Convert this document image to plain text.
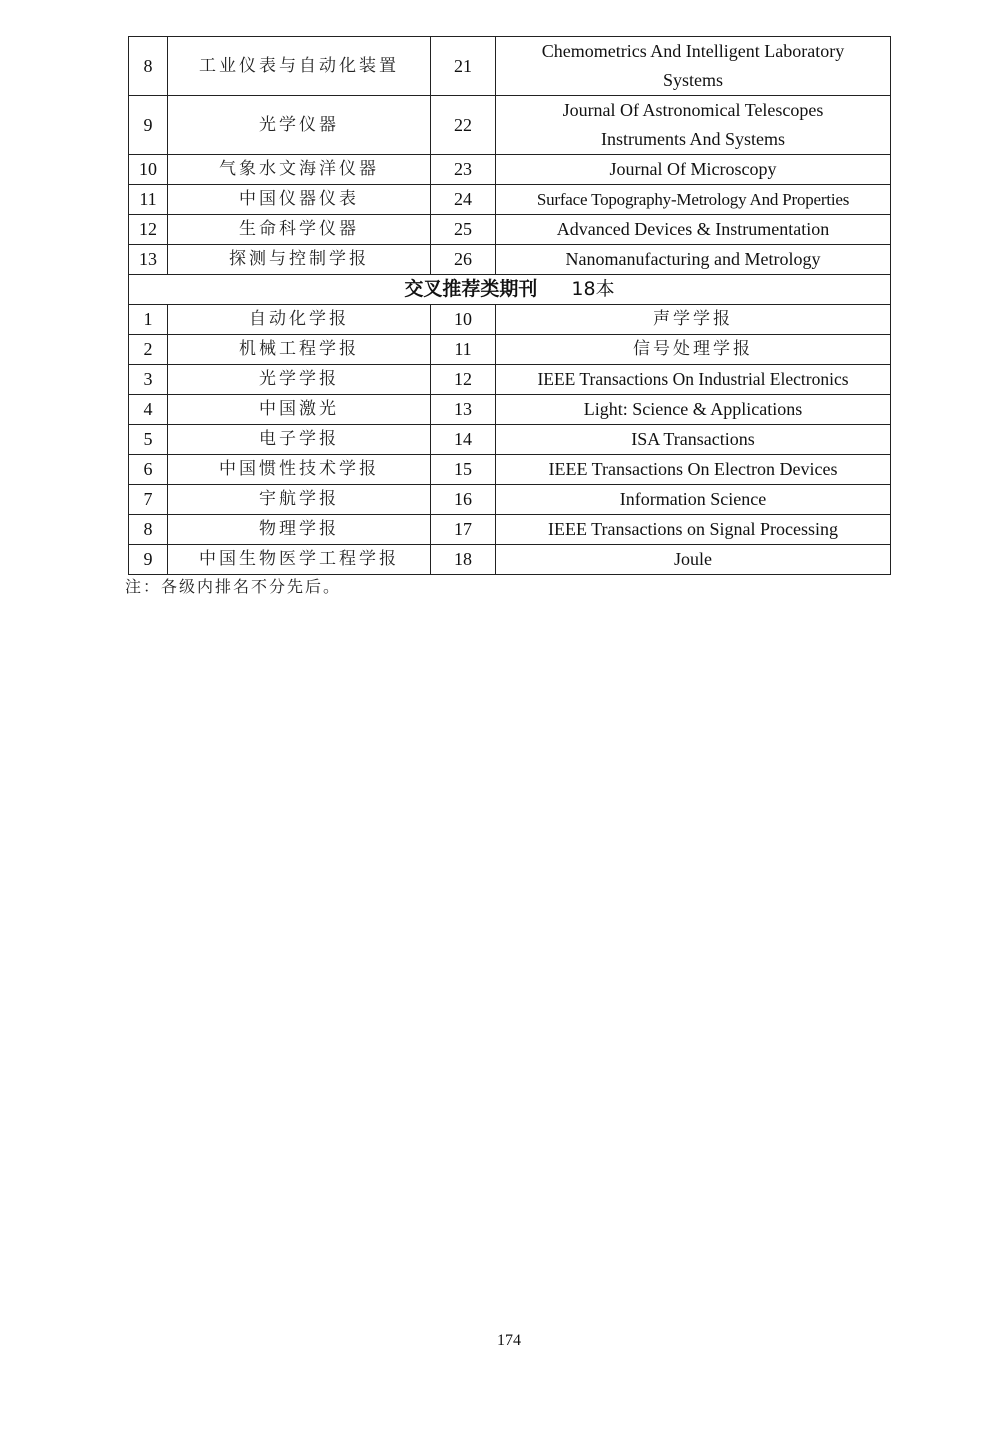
8	工业仪表与自动化装置	21	Chemometrics And Intelligent Laboratory Systems
9	光学仪器	22	Journal Of Astronomical Telescopes Instruments And Systems
10	气象水文海洋仪器	23	Journal Of Microscopy
11	中国仪器仪表	24	Surface Topography-Metrology And Properties
12	生命科学仪器	25	Advanced Devices & Instrumentation
13	探测与控制学报	26	Nanomanufacturing and Metrology
交叉推荐类期刊 18本			
1	自动化学报	10	声学学报
2	机械工程学报	11	信号处理学报
3	光学学报	12	IEEE Transactions On Industrial Electronics
4	中国激光	13	Light: Science & Applications
5	电子学报	14	ISA Transactions
6	中国惯性技术学报	15	IEEE Transactions On Electron Devices
7	宇航学报	16	Information Science
8	物理学报	17	IEEE Transactions on Signal Processing
9	中国生物医学工程学报	18	Joule
注：各级内排名不分先后。
174
